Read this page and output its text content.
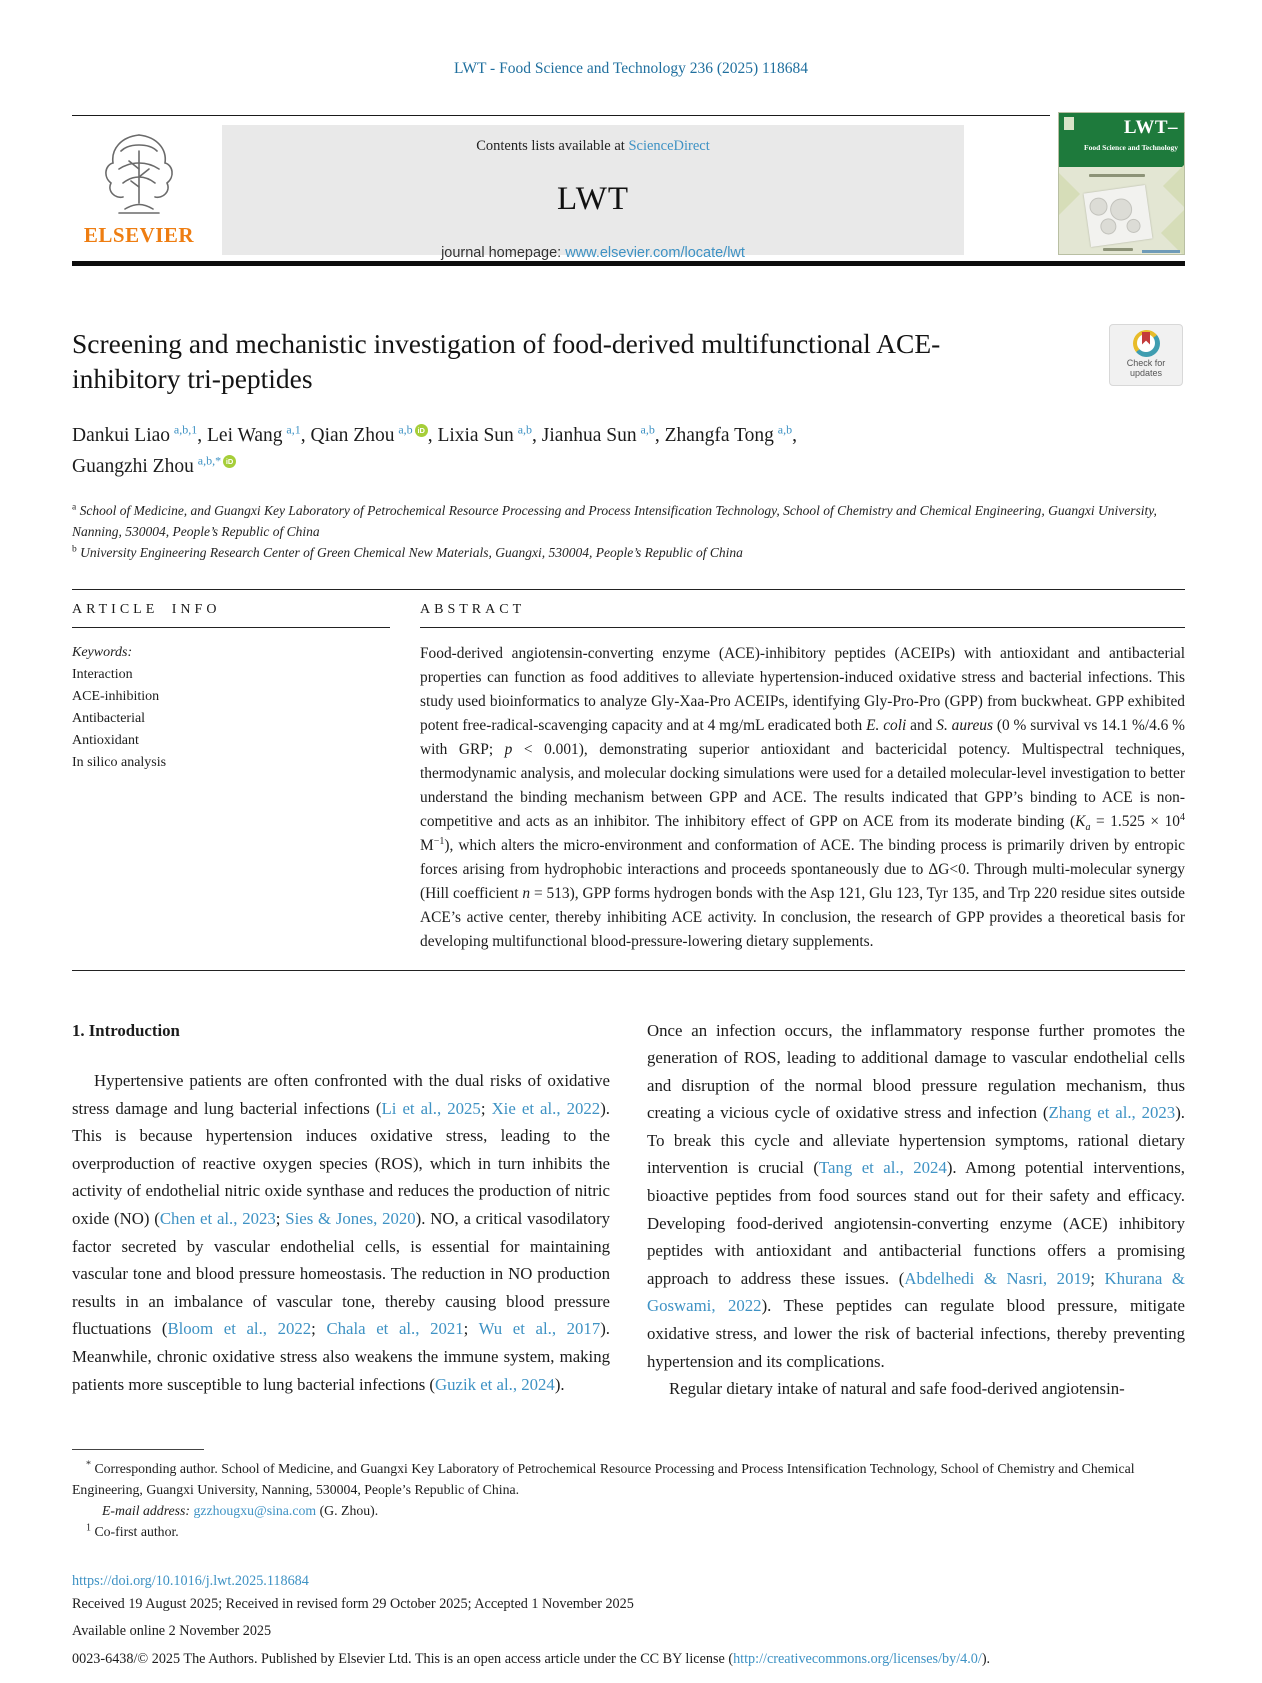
LWT - Food Science and Technology 236 (2025) 118684
ELSEVIER
Contents lists available at ScienceDirect
LWT
journal homepage: www.elsevier.com/locate/lwt
LWT–
Food Science and Technology
Screening and mechanistic investigation of food-derived multifunctional ACE-inhibitory tri-peptides	Check for
updates
Dankui Liao  $^{a,b,1}$, Lei Wang  $^{a,1}$, Qian Zhou  $^{a,b}$ iD , Lixia Sun  $^{a,b}$, Jianhua Sun  $^{a,b}$, Zhangfa Tong  $^{a,b}$, Guangzhi Zhou  $^{a,b,*}$ iD
$^a$ School of Medicine, and Guangxi Key Laboratory of Petrochemical Resource Processing and Process Intensification Technology, School of Chemistry and Chemical Engineering, Guangxi University, Nanning, 530004, People’s Republic of China
$^b$ University Engineering Research Center of Green Chemical New Materials, Guangxi, 530004, People’s Republic of China
ARTICLE INFO
Keywords:
Interaction
ACE-inhibition
Antibacterial
Antioxidant
In silico analysis
ABSTRACT
Food-derived angiotensin-converting enzyme (ACE)-inhibitory peptides (ACEIPs) with antioxidant and antibacterial properties can function as food additives to alleviate hypertension-induced oxidative stress and bacterial infections. This study used bioinformatics to analyze Gly-Xaa-Pro ACEIPs, identifying Gly-Pro-Pro (GPP) from buckwheat. GPP exhibited potent free-radical-scavenging capacity and at 4 mg/mL eradicated both E. coli and S. aureus (0 % survival vs 14.1 %/4.6 % with GRP; p < 0.001), demonstrating superior antioxidant and bactericidal potency. Multispectral techniques, thermodynamic analysis, and molecular docking simulations were used for a detailed molecular-level investigation to better understand the binding mechanism between GPP and ACE. The results indicated that GPP’s binding to ACE is non-competitive and acts as an inhibitor. The inhibitory effect of GPP on ACE from its moderate binding ($K_a = 1.525 \times 10^4$ $M^{-1}$), which alters the micro-environment and conformation of ACE. The binding process is primarily driven by entropic forces arising from hydrophobic interactions and proceeds spontaneously due to ΔG<0. Through multi-molecular synergy (Hill coefficient n = 513), GPP forms hydrogen bonds with the Asp 121, Glu 123, Tyr 135, and Trp 220 residue sites outside ACE’s active center, thereby inhibiting ACE activity. In conclusion, the research of GPP provides a theoretical basis for developing multifunctional blood-pressure-lowering dietary supplements.
1. Introduction

Hypertensive patients are often confronted with the dual risks of oxidative stress damage and lung bacterial infections (Li et al., 2025; Xie et al., 2022). This is because hypertension induces oxidative stress, leading to the overproduction of reactive oxygen species (ROS), which in turn inhibits the activity of endothelial nitric oxide synthase and reduces the production of nitric oxide (NO) (Chen et al., 2023; Sies & Jones, 2020). NO, a critical vasodilatory factor secreted by vascular endothelial cells, is essential for maintaining vascular tone and blood pressure homeostasis. The reduction in NO production results in an imbalance of vascular tone, thereby causing blood pressure fluctuations (Bloom et al., 2022; Chala et al., 2021; Wu et al., 2017). Meanwhile, chronic oxidative stress also weakens the immune system, making patients more susceptible to lung bacterial infections (Guzik et al., 2024).

Once an infection occurs, the inflammatory response further promotes the generation of ROS, leading to additional damage to vascular endothelial cells and disruption of the normal blood pressure regulation mechanism, thus creating a vicious cycle of oxidative stress and infection (Zhang et al., 2023). To break this cycle and alleviate hypertension symptoms, rational dietary intervention is crucial (Tang et al., 2024). Among potential interventions, bioactive peptides from food sources stand out for their safety and efficacy. Developing food-derived angiotensin-converting enzyme (ACE) inhibitory peptides with antioxidant and antibacterial functions offers a promising approach to address these issues. (Abdelhedi & Nasri, 2019; Khurana & Goswami, 2022). These peptides can regulate blood pressure, mitigate oxidative stress, and lower the risk of bacterial infections, thereby preventing hypertension and its complications.

Regular dietary intake of natural and safe food-derived angiotensin-

* Corresponding author. School of Medicine, and Guangxi Key Laboratory of Petrochemical Resource Processing and Process Intensification Technology, School of Chemistry and Chemical Engineering, Guangxi University, Nanning, 530004, People’s Republic of China.
E-mail address: gzzhougxu@sina.com (G. Zhou).
$^1$ Co-first author.
https://doi.org/10.1016/j.lwt.2025.118684
Received 19 August 2025; Received in revised form 29 October 2025; Accepted 1 November 2025
Available online 2 November 2025
0023-6438/© 2025 The Authors. Published by Elsevier Ltd. This is an open access article under the CC BY license (http://creativecommons.org/licenses/by/4.0/).
